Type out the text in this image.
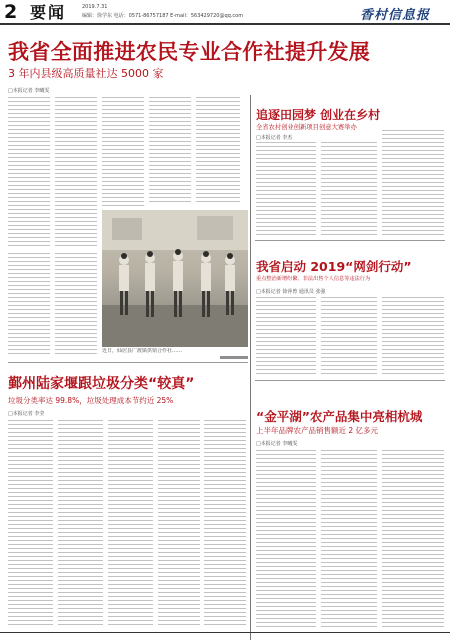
2 要闻	2019.7.31
编辑：徐学东 电话：0571-86757187 E-mail：563429720@qq.com	香村信息报
我省全面推进农民专业合作社提升发展
3 年内县级高质量社达 5000 家
□本报记者 李曦雯
近日，仙居县广渡镇供销合作社……
追逐田园梦 创业在乡村
全省农村创业创新项目创意大赛举办
□本报记者 李杰
我省启动 2019“网剑行动”
重点整治新增纷繁、非法出售个人信息等违法行为
□本报记者 徐萍曾 通讯员 张强
鄞州陆家堰跟垃圾分类“较真”
垃圾分类率达 99.8%，垃圾处理成本节约近 25%
□本报记者 李莹	“金平湖”农产品集中亮相杭城
上半年品牌农产品销售额近 2 亿多元
□本报记者 李曦雯
